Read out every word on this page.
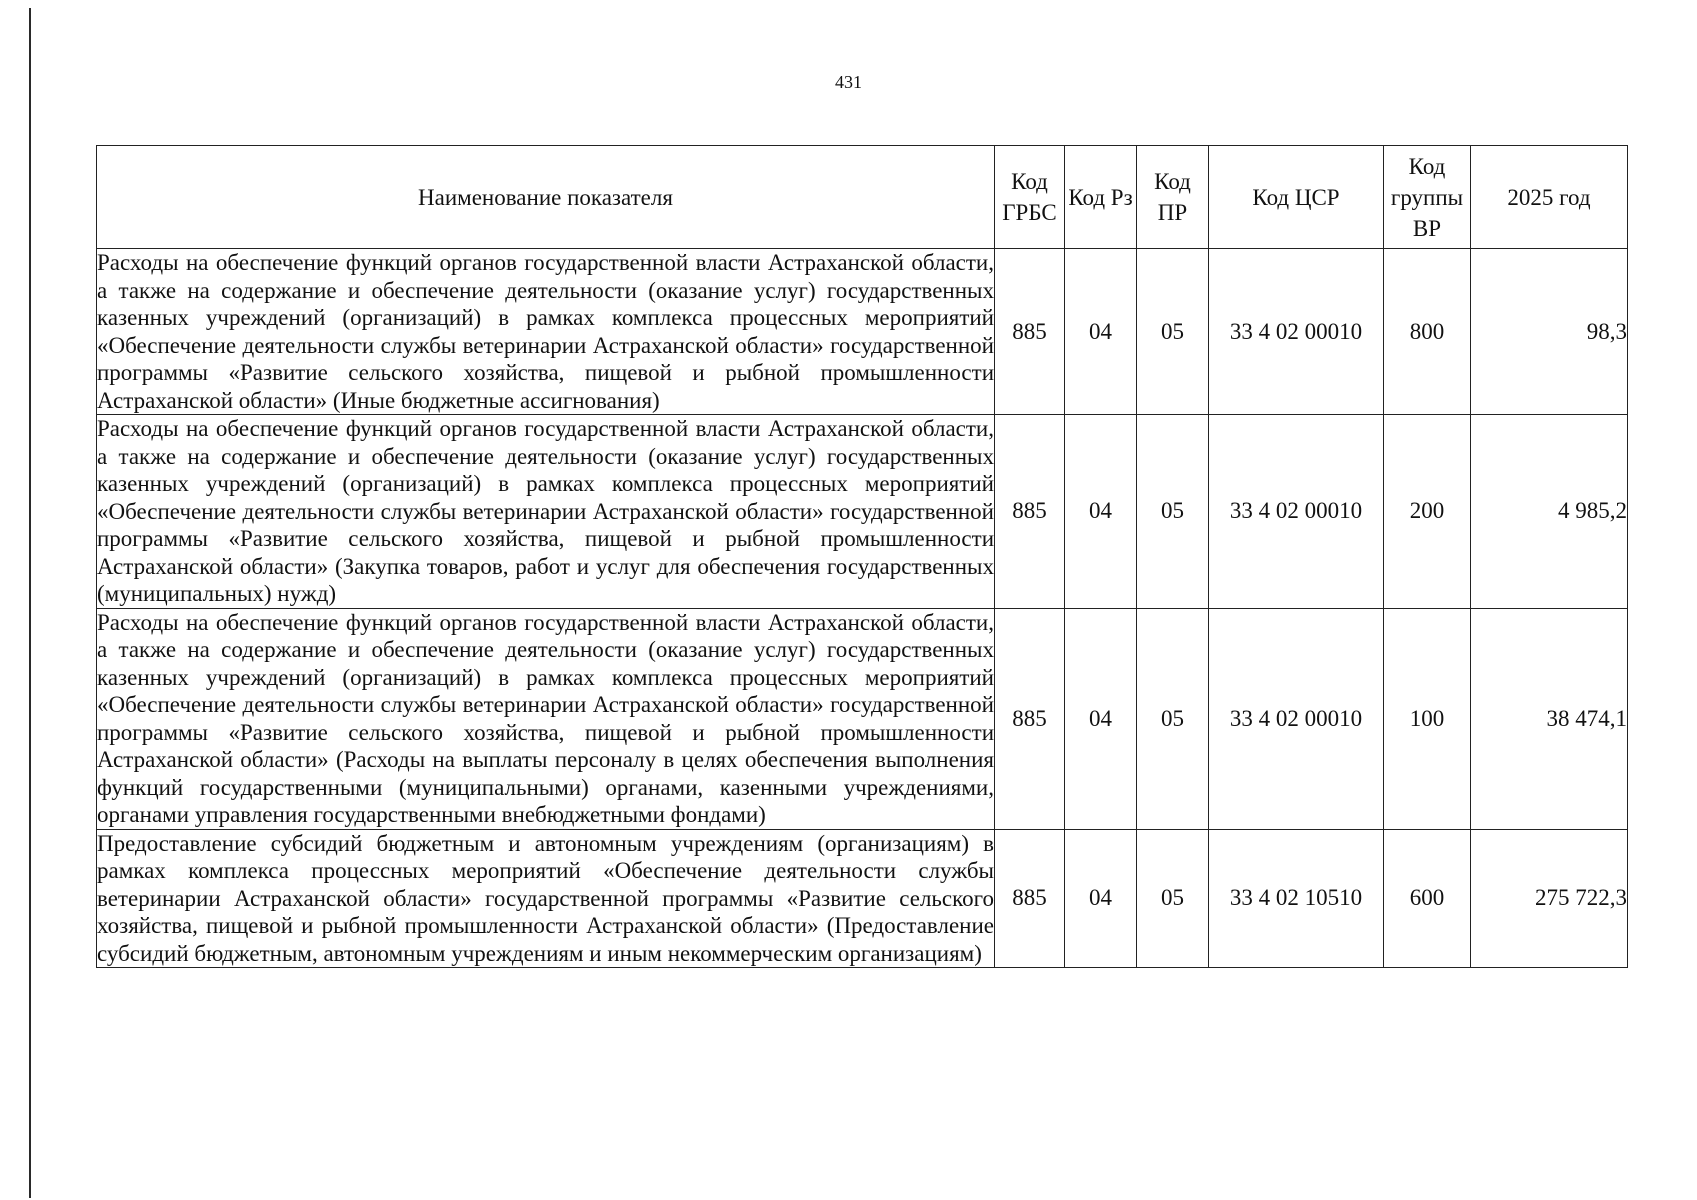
431
Наименование показателя	Код ГРБС	Код Рз	Код ПР	Код ЦСР	Код группы ВР	2025 год
Расходы на обеспечение функций органов государственной власти Астраханской области, а также на содержание и обеспечение деятельности (оказание услуг) государственных казенных учреждений (организаций) в рамках комплекса процессных мероприятий «Обеспечение деятельности службы ветеринарии Астраханской области» государственной программы «Развитие сельского хозяйства, пищевой и рыбной промышленности Астраханской области» (Иные бюджетные ассигнования)	885	04	05	33 4 02 00010	800	98,3
Расходы на обеспечение функций органов государственной власти Астраханской области, а также на содержание и обеспечение деятельности (оказание услуг) государственных казенных учреждений (организаций) в рамках комплекса процессных мероприятий «Обеспечение деятельности службы ветеринарии Астраханской области» государственной программы «Развитие сельского хозяйства, пищевой и рыбной промышленности Астраханской области» (Закупка товаров, работ и услуг для обеспечения государственных (муниципальных) нужд)	885	04	05	33 4 02 00010	200	4 985,2
Расходы на обеспечение функций органов государственной власти Астраханской области, а также на содержание и обеспечение деятельности (оказание услуг) государственных казенных учреждений (организаций) в рамках комплекса процессных мероприятий «Обеспечение деятельности службы ветеринарии Астраханской области» государственной программы «Развитие сельского хозяйства, пищевой и рыбной промышленности Астраханской области» (Расходы на выплаты персоналу в целях обеспечения выполнения функций государственными (муниципальными) органами, казенными учреждениями, органами управления государственными внебюджетными фондами)	885	04	05	33 4 02 00010	100	38 474,1
Предоставление субсидий бюджетным и автономным учреждениям (организациям) в рамках комплекса процессных мероприятий «Обеспечение деятельности службы ветеринарии Астраханской области» государственной программы «Развитие сельского хозяйства, пищевой и рыбной промышленности Астраханской области» (Предоставление субсидий бюджетным, автономным учреждениям и иным некоммерческим организациям)	885	04	05	33 4 02 10510	600	275 722,3
